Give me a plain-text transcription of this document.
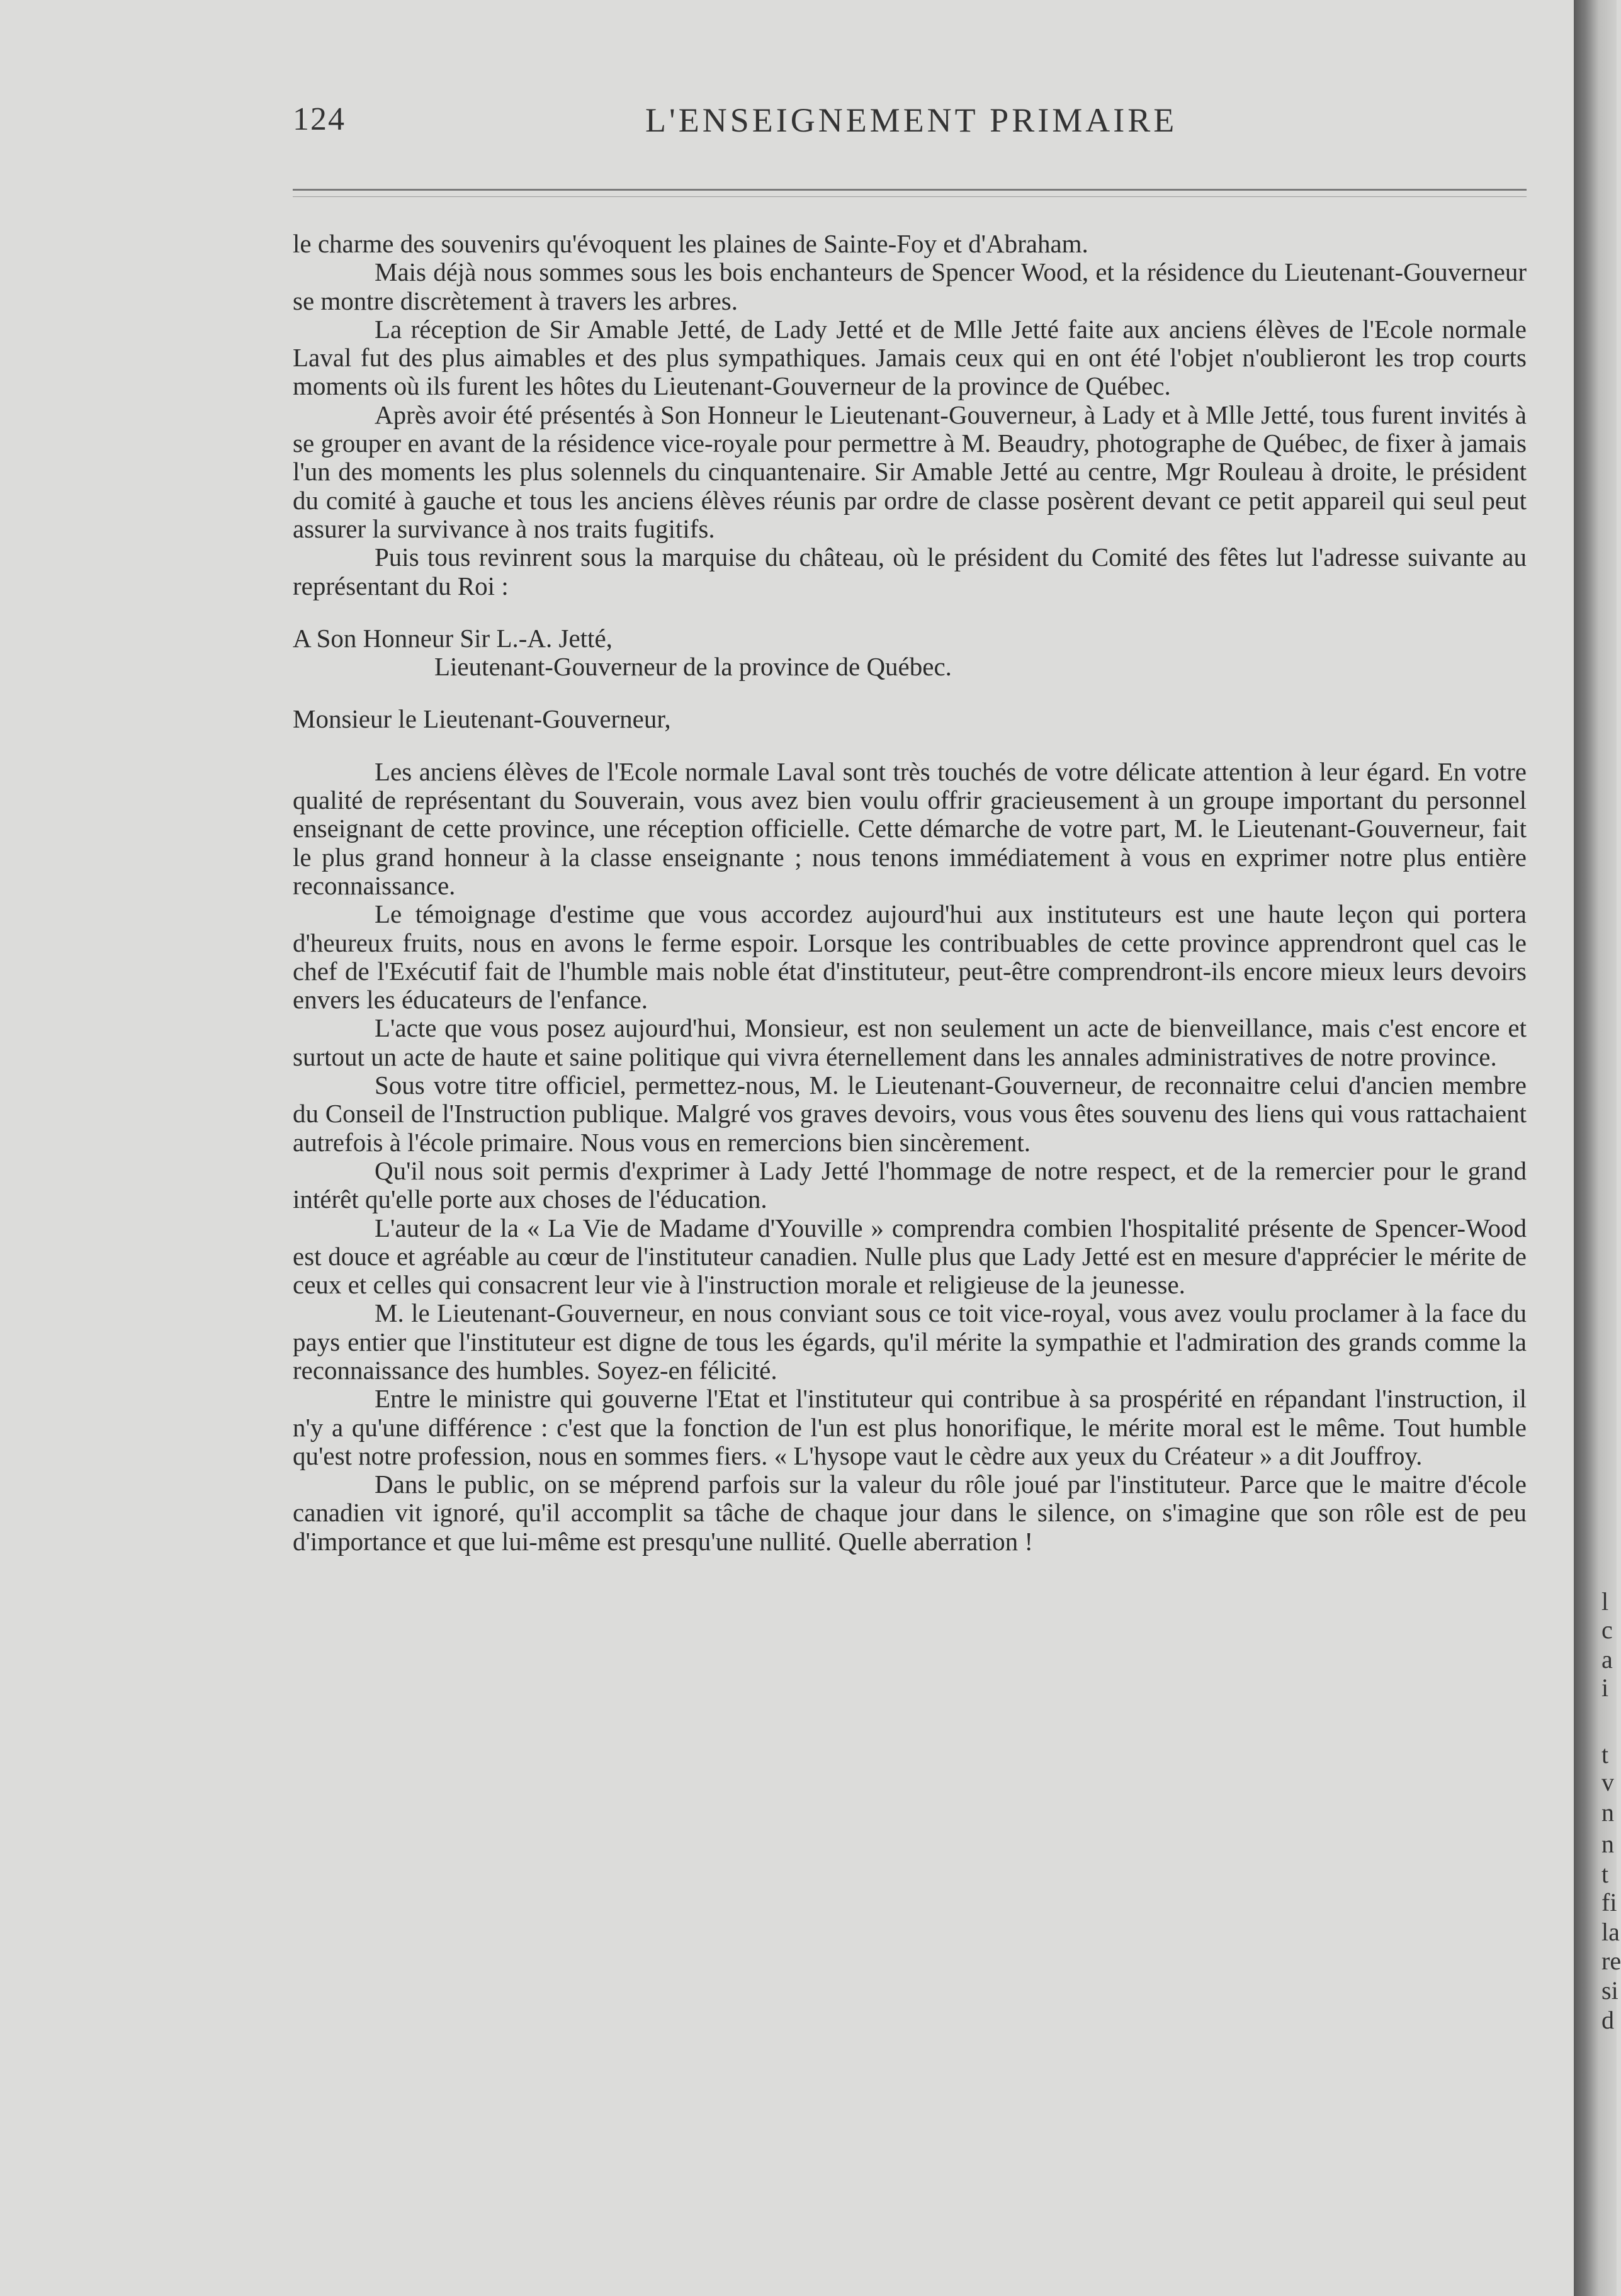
124	L'ENSEIGNEMENT PRIMAIRE

le charme des souvenirs qu'évoquent les plaines de Sainte-Foy et d'Abraham.

Mais déjà nous sommes sous les bois enchanteurs de Spencer Wood, et la résidence du Lieutenant-Gouverneur se montre discrètement à travers les arbres.

La réception de Sir Amable Jetté, de Lady Jetté et de Mlle Jetté faite aux anciens élèves de l'Ecole normale Laval fut des plus aimables et des plus sympathiques. Jamais ceux qui en ont été l'objet n'oublieront les trop courts moments où ils furent les hôtes du Lieutenant-Gouverneur de la province de Québec.

Après avoir été présentés à Son Honneur le Lieutenant-Gouverneur, à Lady et à Mlle Jetté, tous furent invités à se grouper en avant de la résidence vice-royale pour permettre à M. Beaudry, photographe de Québec, de fixer à jamais l'un des moments les plus solennels du cinquantenaire. Sir Amable Jetté au centre, Mgr Rouleau à droite, le président du comité à gauche et tous les anciens élèves réunis par ordre de classe posèrent devant ce petit appareil qui seul peut assurer la survivance à nos traits fugitifs.

Puis tous revinrent sous la marquise du château, où le président du Comité des fêtes lut l'adresse suivante au représentant du Roi :

A Son Honneur Sir L.-A. Jetté,
Lieutenant-Gouverneur de la province de Québec.
Monsieur le Lieutenant-Gouverneur,

Les anciens élèves de l'Ecole normale Laval sont très touchés de votre délicate attention à leur égard. En votre qualité de représentant du Souverain, vous avez bien voulu offrir gracieusement à un groupe important du personnel enseignant de cette province, une réception officielle. Cette démarche de votre part, M. le Lieutenant-Gouverneur, fait le plus grand honneur à la classe enseignante ; nous tenons immédiatement à vous en exprimer notre plus entière reconnaissance.

Le témoignage d'estime que vous accordez aujourd'hui aux instituteurs est une haute leçon qui portera d'heureux fruits, nous en avons le ferme espoir. Lorsque les contribuables de cette province apprendront quel cas le chef de l'Exécutif fait de l'humble mais noble état d'instituteur, peut-être comprendront-ils encore mieux leurs devoirs envers les éducateurs de l'enfance.

L'acte que vous posez aujourd'hui, Monsieur, est non seulement un acte de bienveillance, mais c'est encore et surtout un acte de haute et saine politique qui vivra éternellement dans les annales administratives de notre province.

Sous votre titre officiel, permettez-nous, M. le Lieutenant-Gouverneur, de reconnaitre celui d'ancien membre du Conseil de l'Instruction publique. Malgré vos graves devoirs, vous vous êtes souvenu des liens qui vous rattachaient autrefois à l'école primaire. Nous vous en remercions bien sincèrement.

Qu'il nous soit permis d'exprimer à Lady Jetté l'hommage de notre respect, et de la remercier pour le grand intérêt qu'elle porte aux choses de l'éducation.

L'auteur de la « La Vie de Madame d'Youville » comprendra combien l'hospitalité présente de Spencer-Wood est douce et agréable au cœur de l'instituteur canadien. Nulle plus que Lady Jetté est en mesure d'apprécier le mérite de ceux et celles qui consacrent leur vie à l'instruction morale et religieuse de la jeunesse.

M. le Lieutenant-Gouverneur, en nous conviant sous ce toit vice-royal, vous avez voulu proclamer à la face du pays entier que l'instituteur est digne de tous les égards, qu'il mérite la sympathie et l'admiration des grands comme la reconnaissance des humbles. Soyez-en félicité.

Entre le ministre qui gouverne l'Etat et l'instituteur qui contribue à sa prospérité en répandant l'instruction, il n'y a qu'une différence : c'est que la fonction de l'un est plus honorifique, le mérite moral est le même. Tout humble qu'est notre profession, nous en sommes fiers. « L'hysope vaut le cèdre aux yeux du Créateur » a dit Jouffroy.

Dans le public, on se méprend parfois sur la valeur du rôle joué par l'instituteur. Parce que le maitre d'école canadien vit ignoré, qu'il accomplit sa tâche de chaque jour dans le silence, on s'imagine que son rôle est de peu d'importance et que lui-même est presqu'une nullité. Quelle aberration !

l
c
a
i
t
v
n
n
t
fi
la
re
si
d
